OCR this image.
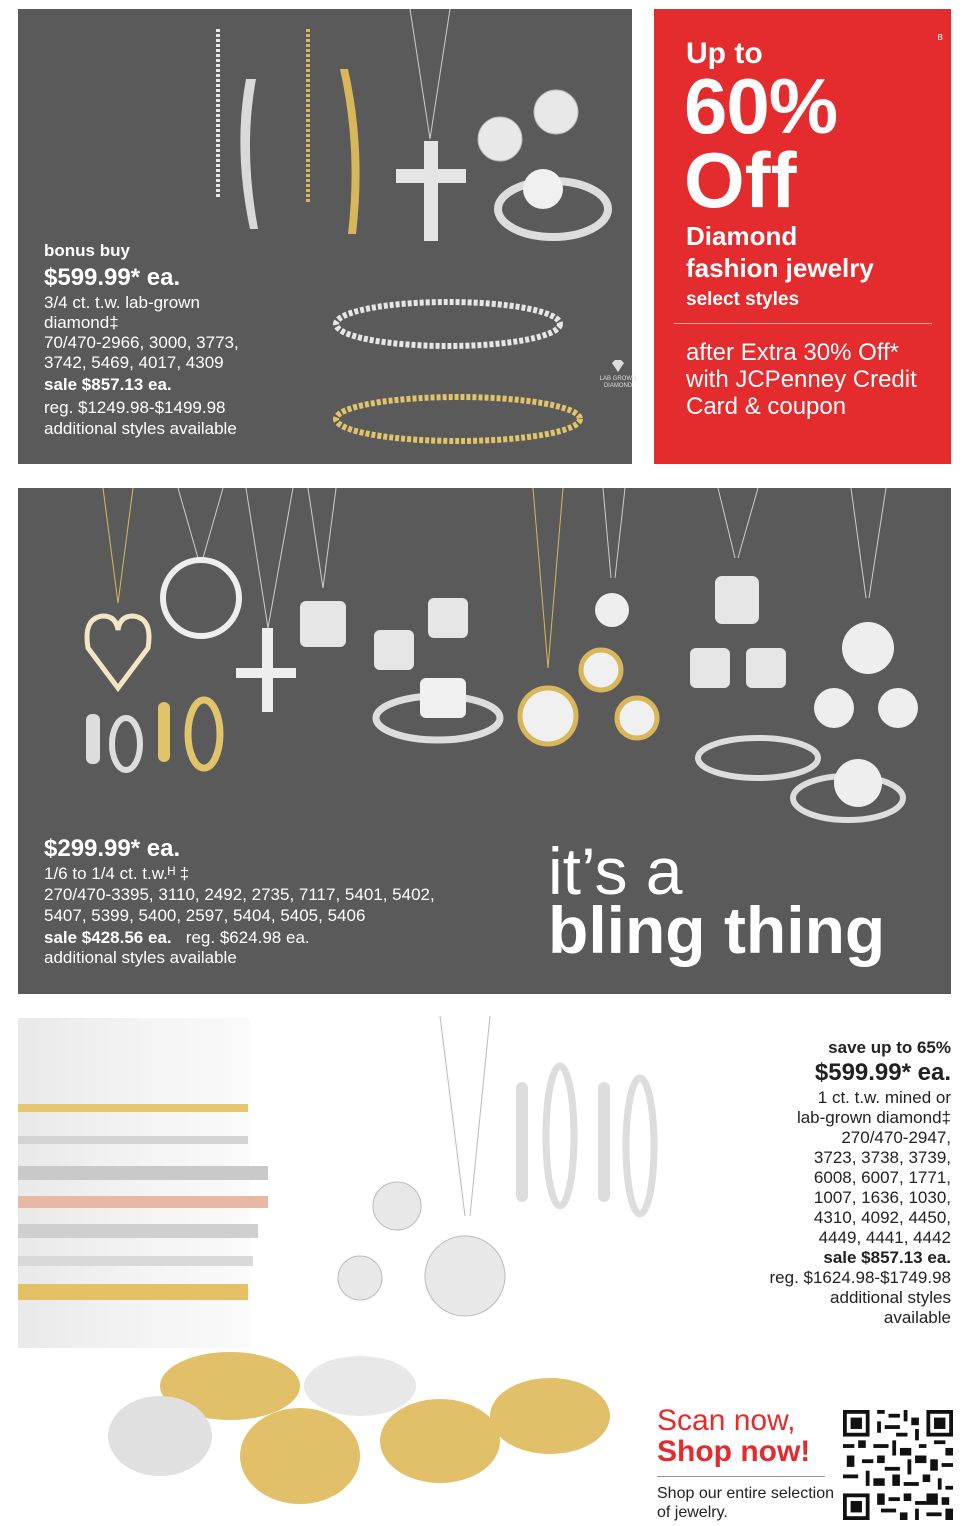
LAB GROWN DIAMOND
bonus buy
$599.99* ea.
3/4 ct. t.w. lab-grown
diamond‡
70/470-2966, 3000, 3773,
3742, 5469, 4017, 4309
sale $857.13 ea.
reg. $1249.98-$1499.98
additional styles available
B
Up to
60%
Off
Diamond
fashion jewelry
select styles
after Extra 30% Off* with JCPenney Credit Card & coupon
$299.99* ea.
1/6 to 1/4 ct. t.w.ᴴ ‡
270/470-3395, 3110, 2492, 2735, 7117, 5401, 5402,
5407, 5399, 5400, 2597, 5404, 5405, 5406
sale $428.56 ea. reg. $624.98 ea.
additional styles available
it’s a
bling thing
save up to 65%
$599.99* ea.
1 ct. t.w. mined or
lab-grown diamond‡
270/470-2947,
3723, 3738, 3739,
6008, 6007, 1771,
1007, 1636, 1030,
4310, 4092, 4450,
4449, 4441, 4442
sale $857.13 ea.
reg. $1624.98-$1749.98
additional styles
available
Scan now,
Shop now!
Shop our entire selection of jewelry.
